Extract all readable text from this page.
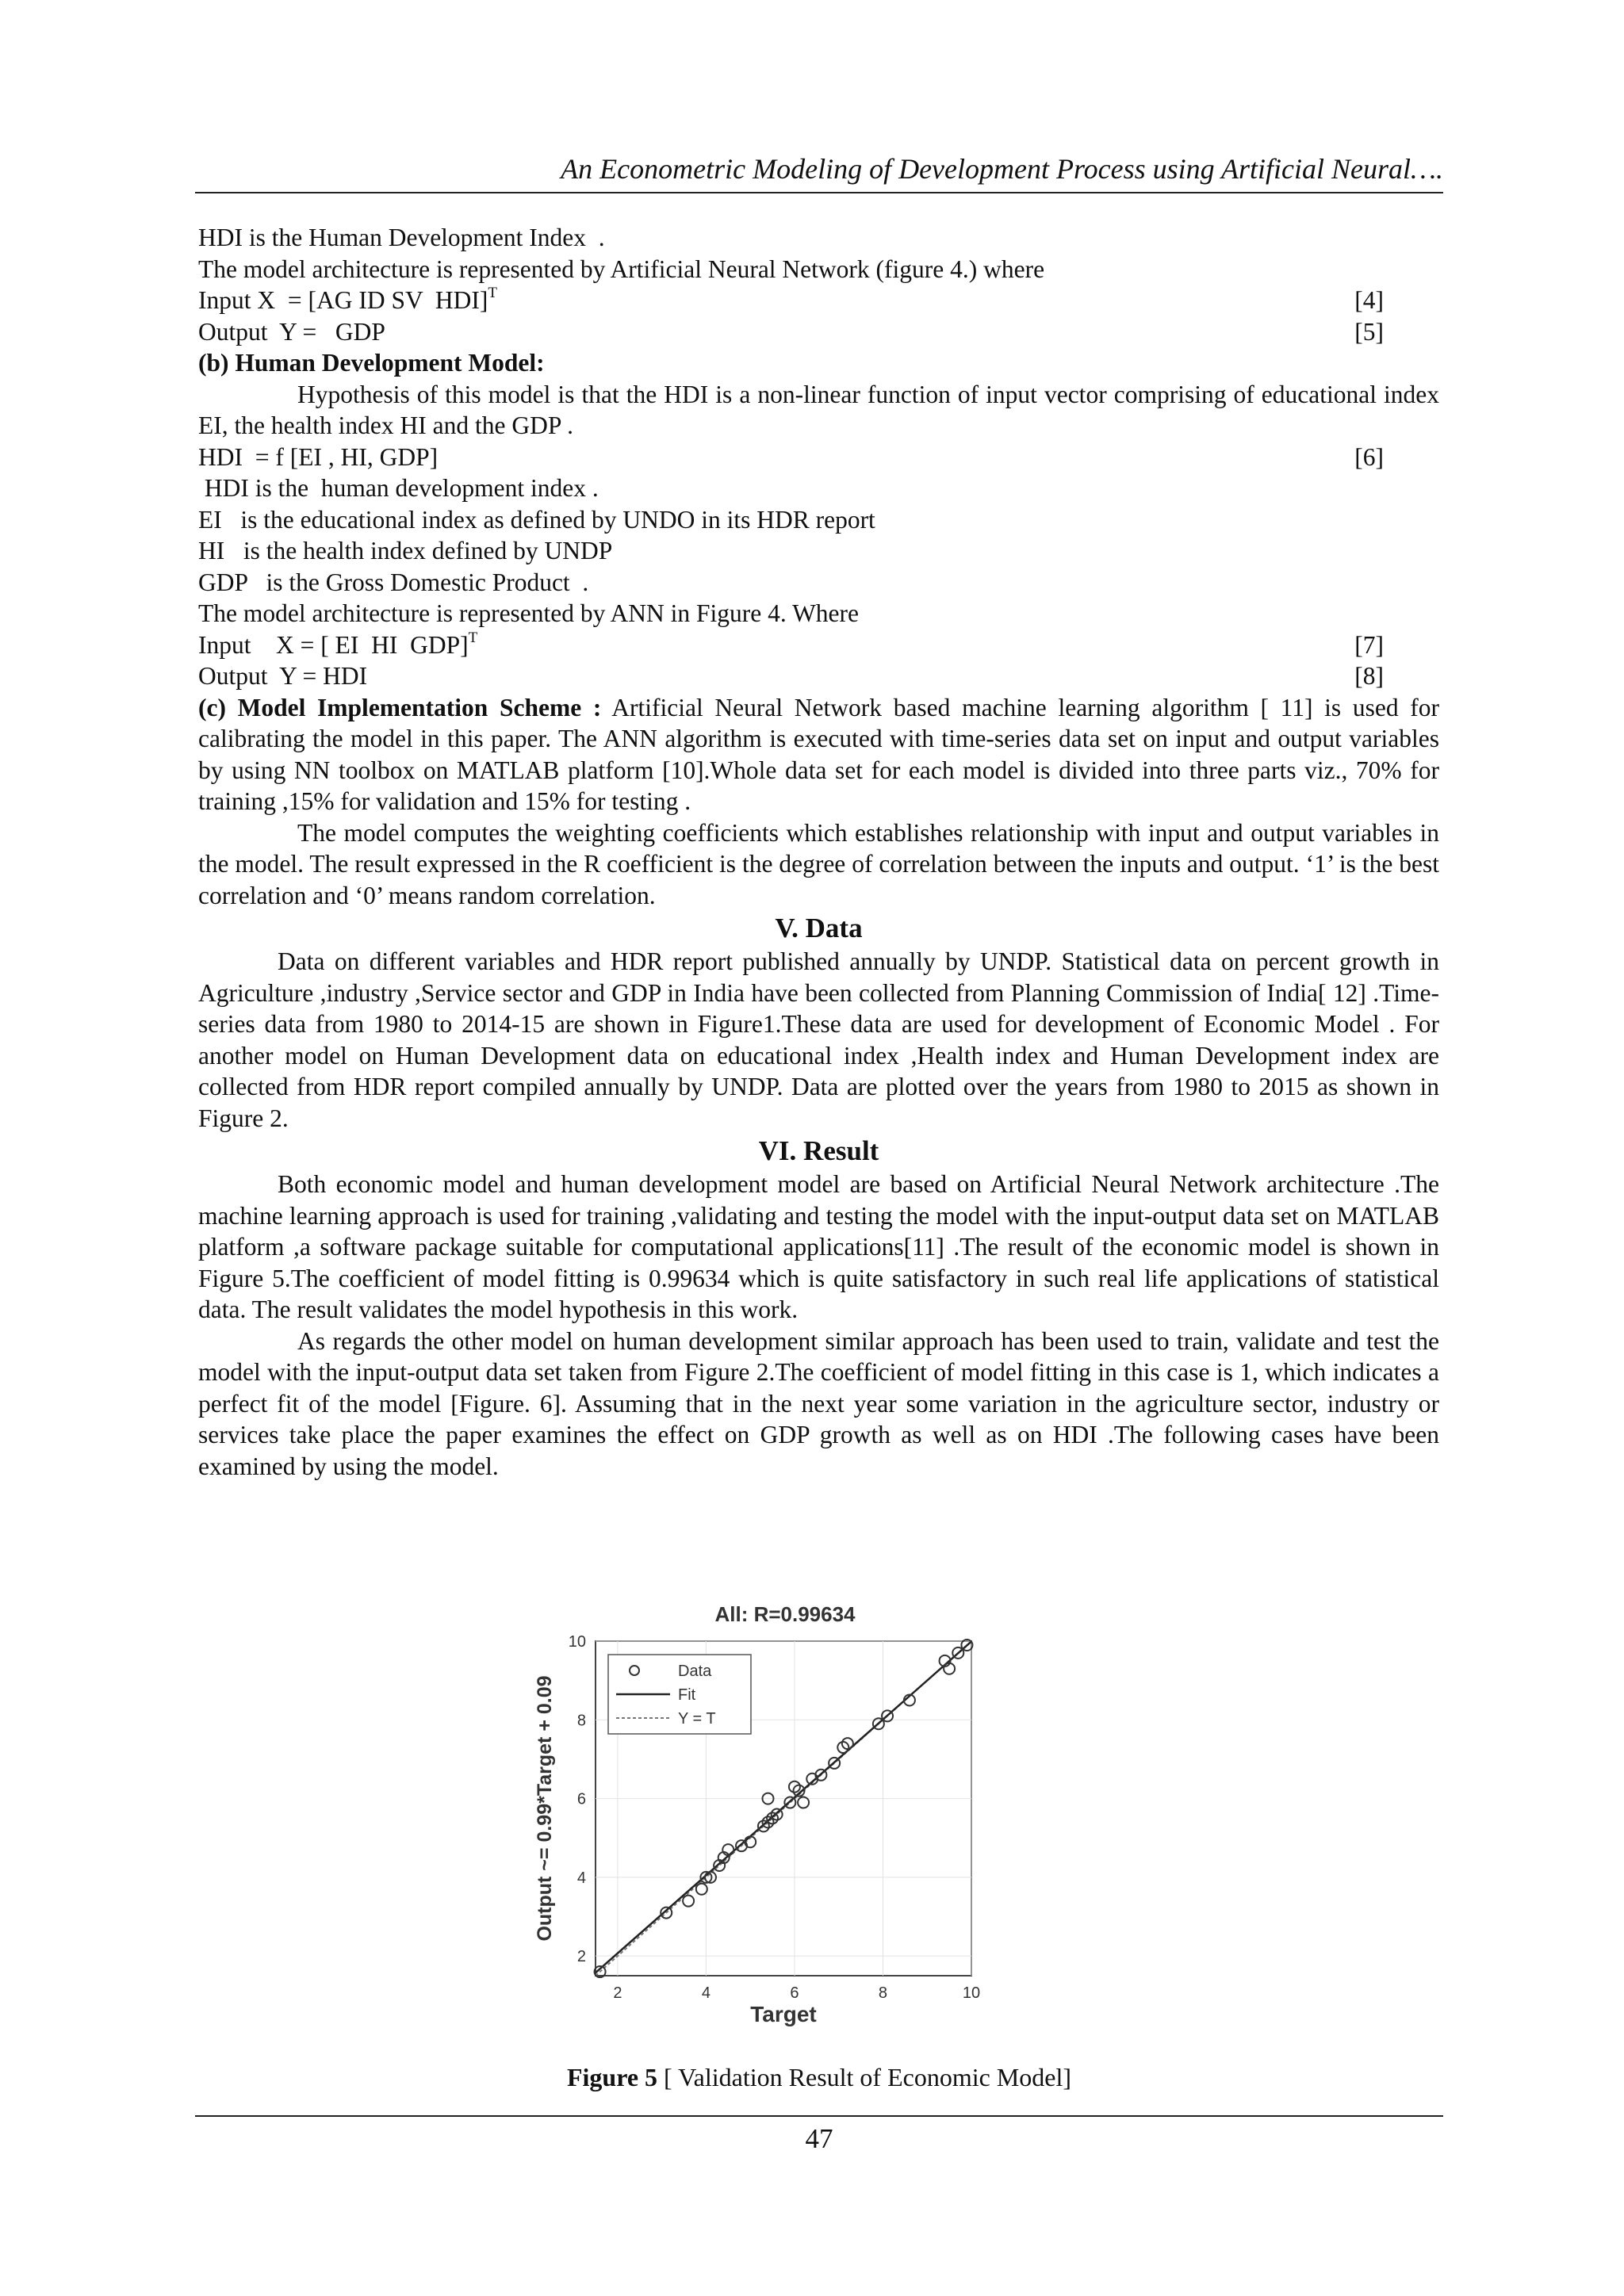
An Econometric Modeling of Development Process using Artificial Neural….
HDI is the Human Development Index  .
The model architecture is represented by Artificial Neural Network (figure 4.) where
Input X  = [AG ID SV  HDI]$^T$	[4]
Output  Y =   GDP	[5]
(b) Human Development Model:

Hypothesis of this model is that the HDI is a non-linear function of input vector comprising of educational index EI, the health index HI and the GDP .

HDI  = f [EI , HI, GDP]	[6]
HDI is the  human development index .
EI   is the educational index as defined by UNDO in its HDR report
HI   is the health index defined by UNDP
GDP   is the Gross Domestic Product  .
The model architecture is represented by ANN in Figure 4. Where
Input    X = [ EI  HI  GDP]$^T$	[7]
Output  Y = HDI	[8]

(c) Model Implementation Scheme : Artificial Neural Network based machine learning algorithm [ 11] is used for calibrating the model in this paper. The ANN algorithm is executed with time-series data set on input and output variables by using NN toolbox on MATLAB platform [10].Whole data set for each model is divided into three parts viz., 70% for training ,15% for validation and 15% for testing .

The model computes the weighting coefficients which establishes relationship with input and output variables in the model. The result expressed in the R coefficient is the degree of correlation between the inputs and output. ‘1’ is the best correlation and ‘0’ means random correlation.

V. Data

Data on different variables and HDR report published annually by UNDP. Statistical data on percent growth in Agriculture ,industry ,Service sector and GDP in India have been collected from Planning Commission of India[ 12] .Time-series data from 1980 to 2014-15 are shown in Figure1.These data are used for development of Economic Model . For another model on Human Development data on educational index ,Health index and Human Development index are collected from HDR report compiled annually by UNDP. Data are plotted over the years from 1980 to 2015 as shown in Figure 2.

VI. Result

Both economic model and human development model are based on Artificial Neural Network architecture .The machine learning approach is used for training ,validating and testing the model with the input-output data set on MATLAB platform ,a software package suitable for computational applications[11] .The result of the economic model is shown in Figure 5.The coefficient of model fitting is 0.99634 which is quite satisfactory in such real life applications of statistical data. The result validates the model hypothesis in this work.

As regards the other model on human development similar approach has been used to train, validate and test the model with the input-output data set taken from Figure 2.The coefficient of model fitting in this case is 1, which indicates a perfect fit of the model [Figure. 6]. Assuming that in the next year some variation in the agriculture sector, industry or services take place the paper examines the effect on GDP growth as well as on HDI .The following cases have been examined by using the model.

All: R=0.99634
2	4	6	8	10
2
4
6
8
10
Data
Fit
Y = T
Target
Output ~= 0.99*Target + 0.09
Figure 5 [ Validation Result of Economic Model]
47
